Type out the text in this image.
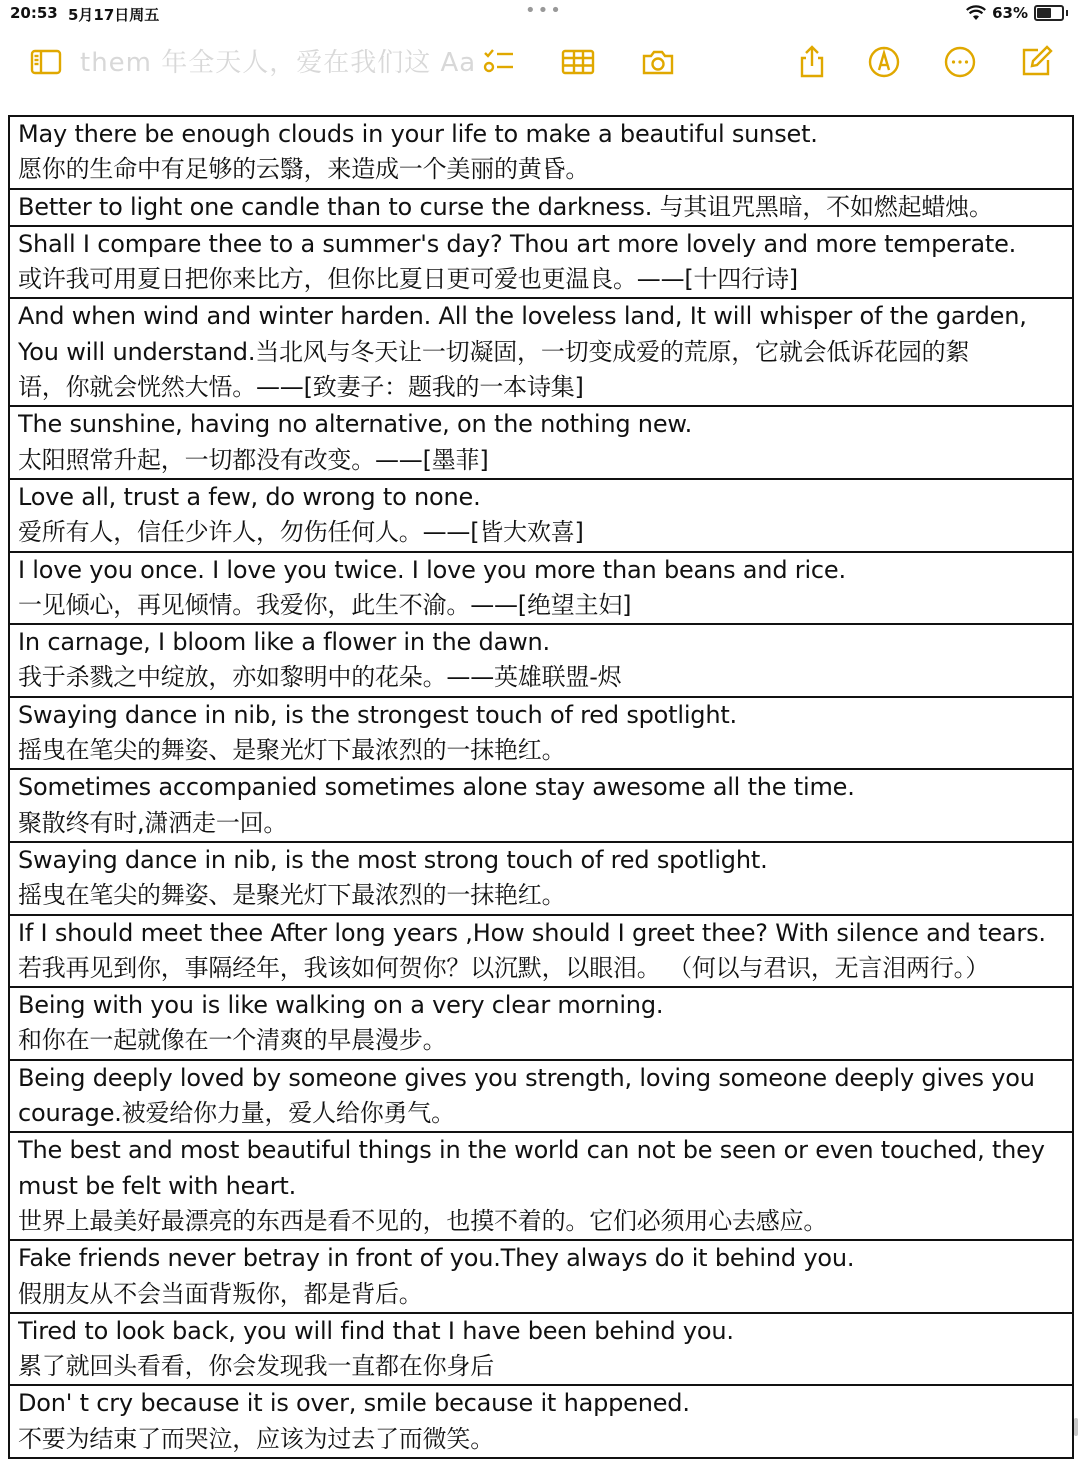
20:53 5月17日周五	•••	63%
them 年全天人，爱在我们这 Aa
May there be enough clouds in your life to make a beautiful sunset.
愿你的生命中有足够的云翳，来造成一个美丽的黄昏。

Better to light one candle than to curse the darkness. 与其诅咒黑暗，不如燃起蜡烛。

Shall I compare thee to a summer's day? Thou art more lovely and more temperate.
或许我可用夏日把你来比方，但你比夏日更可爱也更温良。——[十四行诗]

And when wind and winter harden. All the loveless land, It will whisper of the garden,
You will understand.当北风与冬天让一切凝固，一切变成爱的荒原，它就会低诉花园的絮
语，你就会恍然大悟。——[致妻子：题我的一本诗集]

The sunshine, having no alternative, on the nothing new.
太阳照常升起，一切都没有改变。——[墨菲]

Love all, trust a few, do wrong to none.
爱所有人，信任少许人，勿伤任何人。——[皆大欢喜]

I love you once. I love you twice. I love you more than beans and rice.
一见倾心，再见倾情。我爱你，此生不渝。——[绝望主妇]

In carnage, I bloom like a flower in the dawn.
我于杀戮之中绽放，亦如黎明中的花朵。——英雄联盟-烬

Swaying dance in nib, is the strongest touch of red spotlight.
摇曳在笔尖的舞姿、是聚光灯下最浓烈的一抹艳红。

Sometimes accompanied sometimes alone stay awesome all the time.
聚散终有时,潇洒走一回。

Swaying dance in nib, is the most strong touch of red spotlight.
摇曳在笔尖的舞姿、是聚光灯下最浓烈的一抹艳红。

If I should meet thee After long years ,How should I greet thee? With silence and tears.
若我再见到你，事隔经年，我该如何贺你？以沉默，以眼泪。 （何以与君识，无言泪两行。）

Being with you is like walking on a very clear morning.
和你在一起就像在一个清爽的早晨漫步。

Being deeply loved by someone gives you strength, loving someone deeply gives you
courage.被爱给你力量，爱人给你勇气。

The best and most beautiful things in the world can not be seen or even touched, they
must be felt with heart.
世界上最美好最漂亮的东西是看不见的，也摸不着的。它们必须用心去感应。

Fake friends never betray in front of you.They always do it behind you.
假朋友从不会当面背叛你，都是背后。

Tired to look back, you will find that I have been behind you.
累了就回头看看，你会发现我一直都在你身后

Don' t cry because it is over, smile because it happened.
不要为结束了而哭泣，应该为过去了而微笑。
